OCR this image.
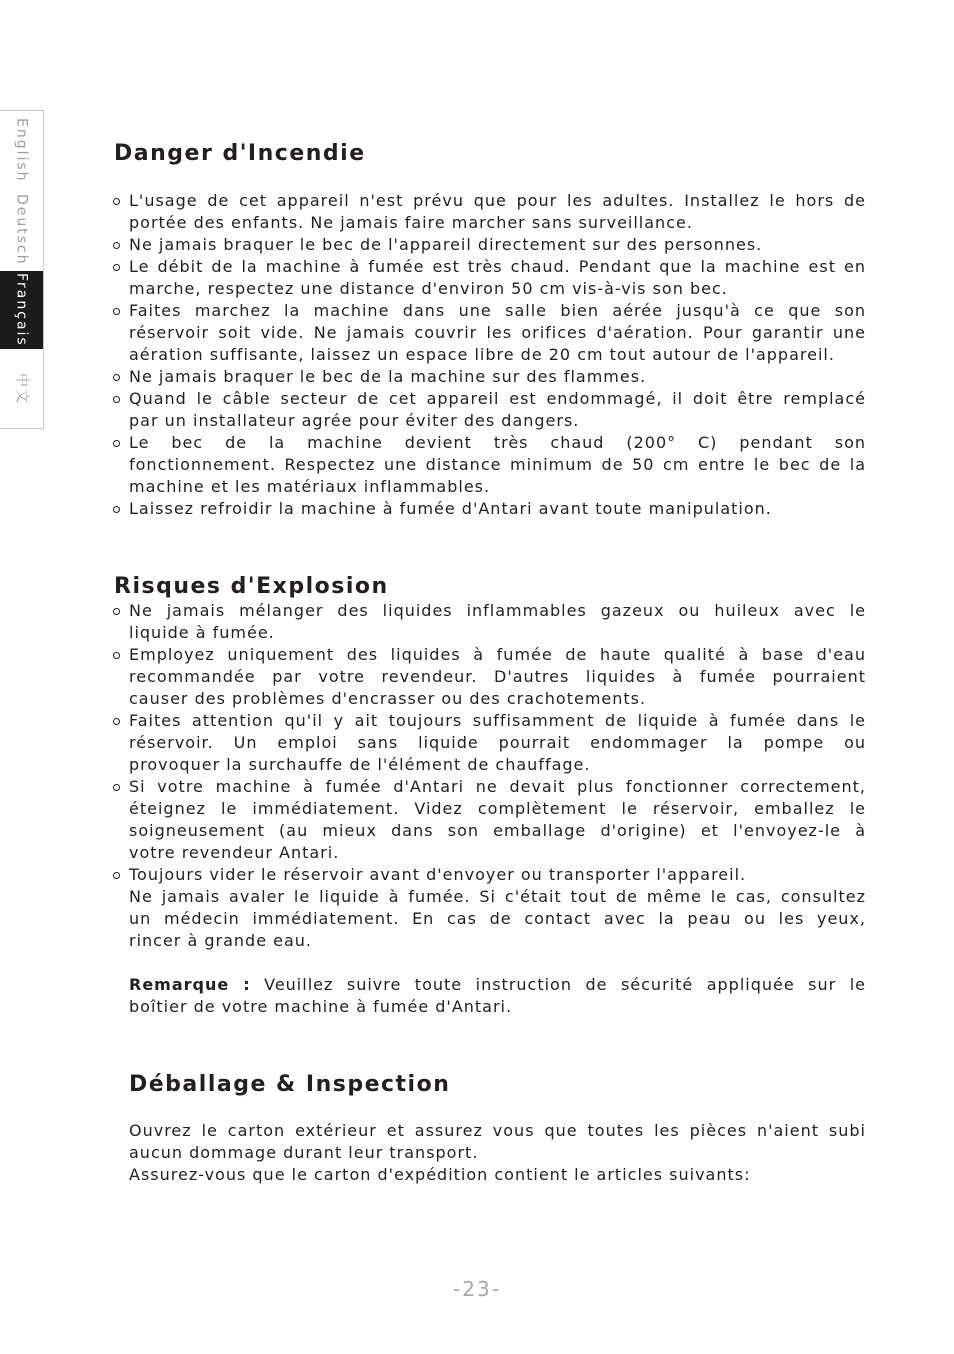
English
Deutsch
Français
中文
Danger d'Incendie
L'usage de cet appareil n'est prévu que pour les adultes. Installez le hors de
portée des enfants. Ne jamais faire marcher sans surveillance.
Ne jamais braquer le bec de l'appareil directement sur des personnes.
Le débit de la machine à fumée est très chaud. Pendant que la machine est en
marche, respectez une distance d'environ 50 cm vis-à-vis son bec.
Faites marchez la machine dans une salle bien aérée jusqu'à ce que son
réservoir soit vide. Ne jamais couvrir les orifices d'aération. Pour garantir une
aération suffisante, laissez un espace libre de 20 cm tout autour de l'appareil.
Ne jamais braquer le bec de la machine sur des flammes.
Quand le câble secteur de cet appareil est endommagé, il doit être remplacé
par un installateur agrée pour éviter des dangers.
Le bec de la machine devient très chaud (200° C) pendant son
fonctionnement. Respectez une distance minimum de 50 cm entre le bec de la
machine et les matériaux inflammables.
Laissez refroidir la machine à fumée d'Antari avant toute manipulation.
Risques d'Explosion
Ne jamais mélanger des liquides inflammables gazeux ou huileux avec le
liquide à fumée.
Employez uniquement des liquides à fumée de haute qualité à base d'eau
recommandée par votre revendeur. D'autres liquides à fumée pourraient
causer des problèmes d'encrasser ou des crachotements.
Faites attention qu'il y ait toujours suffisamment de liquide à fumée dans le
réservoir. Un emploi sans liquide pourrait endommager la pompe ou
provoquer la surchauffe de l'élément de chauffage.
Si votre machine à fumée d'Antari ne devait plus fonctionner correctement,
éteignez le immédiatement. Videz complètement le réservoir, emballez le
soigneusement (au mieux dans son emballage d'origine) et l'envoyez-le à
votre revendeur Antari.
Toujours vider le réservoir avant d'envoyer ou transporter l'appareil.
Ne jamais avaler le liquide à fumée. Si c'était tout de même le cas, consultez
un médecin immédiatement. En cas de contact avec la peau ou les yeux,
rincer à grande eau.
Remarque : Veuillez suivre toute instruction de sécurité appliquée sur le
boîtier de votre machine à fumée d'Antari.
Déballage & Inspection
Ouvrez le carton extérieur et assurez vous que toutes les pièces n'aient subi
aucun dommage durant leur transport.
Assurez-vous que le carton d'expédition contient le articles suivants:
-23-
